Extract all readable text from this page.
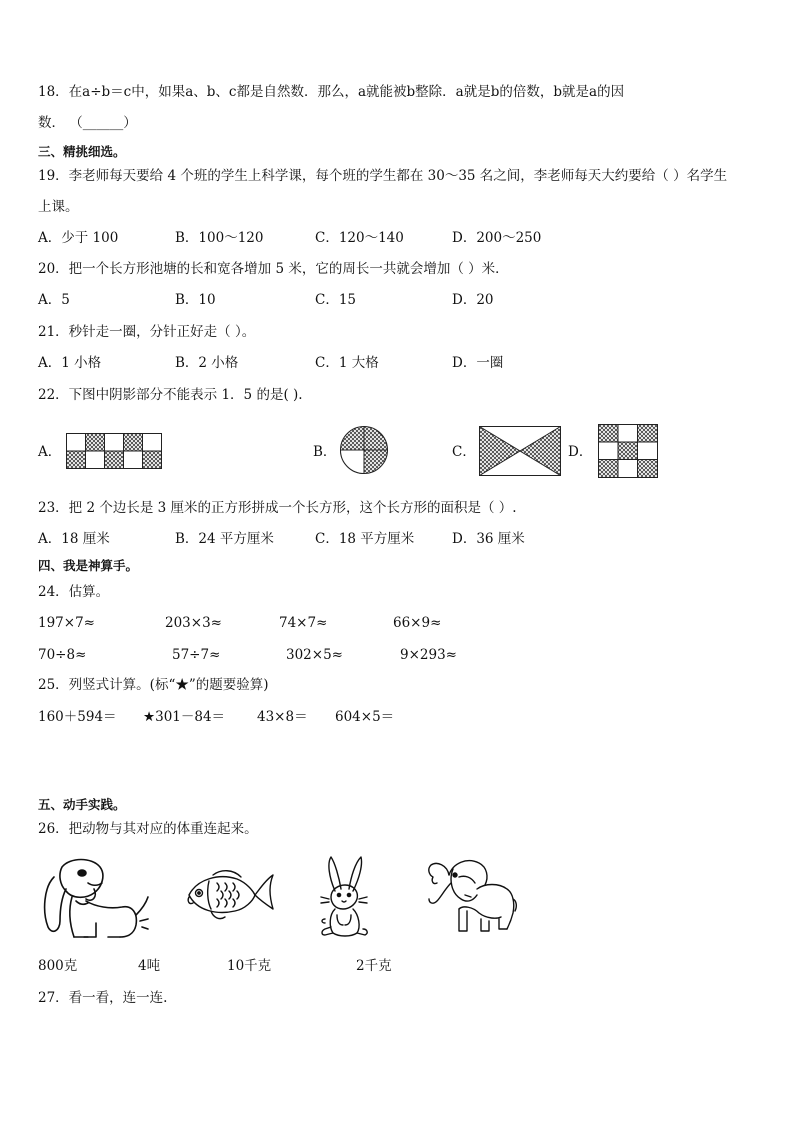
18．在a÷b＝c中，如果a、b、c都是自然数．那么，a就能被b整除．a就是b的倍数，b就是a的因
数． （______）
三、精挑细选。
19．李老师每天要给 4 个班的学生上科学课，每个班的学生都在 30～35 名之间，李老师每天大约要给（ ）名学生
上课。
A．少于 100	B．100～120	C．120～140	D．200～250
20．把一个长方形池塘的长和宽各增加 5 米，它的周长一共就会增加（ ）米．
A．5	B．10	C．15	D．20
21．秒针走一圈，分针正好走（ ）。
A．1 小格	B．2 小格	C．1 大格	D．一圈
22．下图中阴影部分不能表示 1．5 的是( ).
A．	B．	C．	D．
23．把 2 个边长是 3 厘米的正方形拼成一个长方形，这个长方形的面积是（ ）.
A．18 厘米	B．24 平方厘米	C．18 平方厘米	D．36 厘米
四、我是神算手。
24．估算。
197×7≈	203×3≈	74×7≈	66×9≈
70÷8≈	57÷7≈	302×5≈	9×293≈
25．列竖式计算。(标“★”的题要验算)
160＋594＝ ★301－84＝ 43×8＝ 604×5＝
五、动手实践。
26．把动物与其对应的体重连起来。
800克	4吨	10千克	2千克
27．看一看，连一连.
